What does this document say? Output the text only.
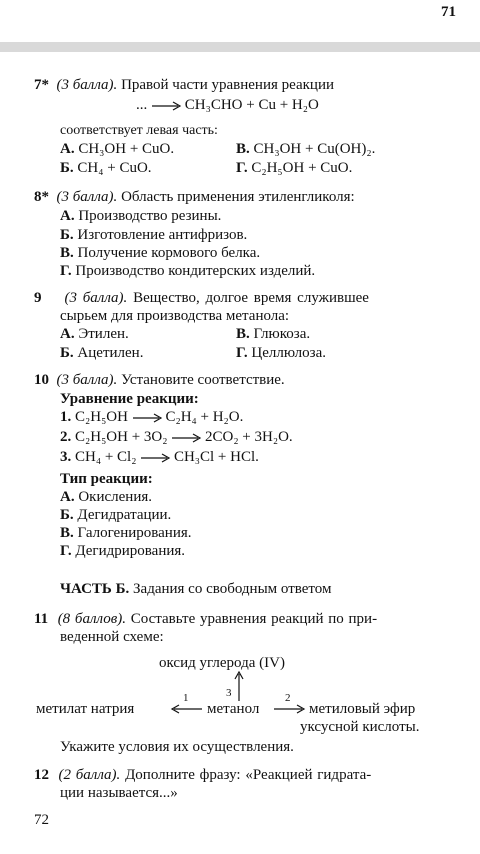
71
7* (3 балла). Правой части уравнения реакции
... → CH₃CHO + Cu + H₂O
соответствует левая часть:
А. CH₃OH + CuO.	В. CH₃OH + Cu(OH)₂.
Б. CH₄ + CuO.	Г. C₂H₅OH + CuO.
8* (3 балла). Область применения этиленгликоля:
А. Производство резины.
Б. Изготовление антифризов.
В. Получение кормового белка.
Г. Производство кондитерских изделий.
9 (3 балла). Вещество, долгое время служившее
сырьем для производства метанола:
А. Этилен.	В. Глюкоза.
Б. Ацетилен.	Г. Целлюлоза.
10 (3 балла). Установите соответствие.
Уравнение реакции:
1. C₂H₅OH → C₂H₄ + H₂O.
2. C₂H₅OH + 3O₂ → 2CO₂ + 3H₂O.
3. CH₄ + Cl₂ → CH₃Cl + HCl.
Тип реакции:
А. Окисления.
Б. Дегидратации.
В. Галогенирования.
Г. Дегидрирования.
ЧАСТЬ Б. Задания со свободным ответом
11 (8 баллов). Составьте уравнения реакций по при-
веденной схеме:
оксид углерода (IV)
3
метилат натрия
1
метанол
2
метиловый эфир
уксусной кислоты.
Укажите условия их осуществления.
12 (2 балла). Дополните фразу: «Реакцией гидрата-
ции называется...»
72
